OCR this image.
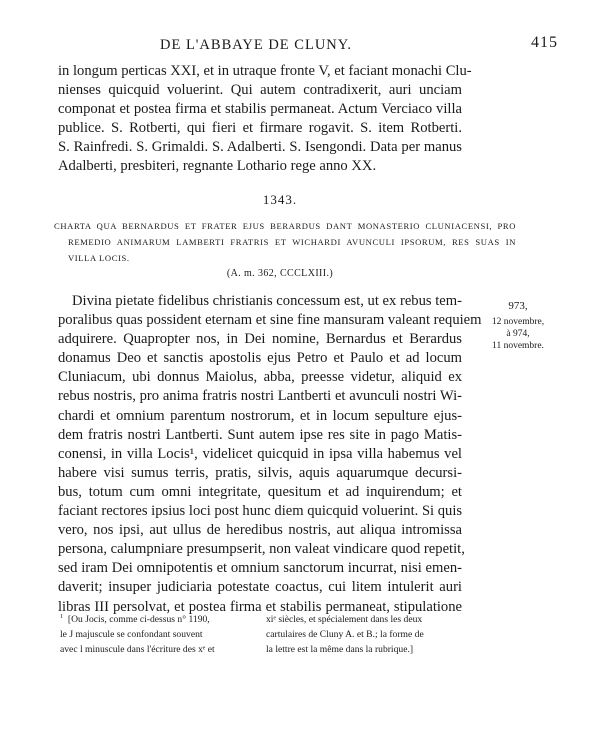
DE L'ABBAYE DE CLUNY.	415
in longum perticas XXI, et in utraque fronte V, et faciant monachi Clu-
nienses quicquid voluerint. Qui autem contradixerit, auri unciam
componat et postea firma et stabilis permaneat. Actum Verciaco villa
publice. S. Rotberti, qui fieri et firmare rogavit. S. item Rotberti.
S. Rainfredi. S. Grimaldi. S. Adalberti. S. Isengondi. Data per manus
Adalberti, presbiteri, regnante Lothario rege anno XX.
1343.
CHARTA QUA BERNARDUS ET FRATER EJUS BERARDUS DANT MONASTERIO CLUNIACENSI, PRO
REMEDIO ANIMARUM LAMBERTI FRATRIS ET WICHARDI AVUNCULI IPSORUM, RES SUAS IN
VILLA LOCIS.
(A. m. 362, CCCLXIII.)
973,
12 novembre,
à 974,
11 novembre.
Divina pietate fidelibus christianis concessum est, ut ex rebus tem-
poralibus quas possident eternam et sine fine mansuram valeant requiem
adquirere. Quapropter nos, in Dei nomine, Bernardus et Berardus
donamus Deo et sanctis apostolis ejus Petro et Paulo et ad locum
Cluniacum, ubi donnus Maiolus, abba, preesse videtur, aliquid ex
rebus nostris, pro anima fratris nostri Lantberti et avunculi nostri Wi-
chardi et omnium parentum nostrorum, et in locum sepulture ejus-
dem fratris nostri Lantberti. Sunt autem ipse res site in pago Matis-
conensi, in villa Locis¹, videlicet quicquid in ipsa villa habemus vel
habere visi sumus terris, pratis, silvis, aquis aquarumque decursi-
bus, totum cum omni integritate, quesitum et ad inquirendum; et
faciant rectores ipsius loci post hunc diem quicquid voluerint. Si quis
vero, nos ipsi, aut ullus de heredibus nostris, aut aliqua intromissa
persona, calumpniare presumpserit, non valeat vindicare quod repetit,
sed iram Dei omnipotentis et omnium sanctorum incurrat, nisi emen-
daverit; insuper judiciaria potestate coactus, cui litem intulerit auri
libras III persolvat, et postea firma et stabilis permaneat, stipulatione
$^1$ [Ou Jocis, comme ci-dessus n° 1190,
le J majuscule se confondant souvent
avec l minuscule dans l'écriture des xᵉ et
xiᵉ siècles, et spécialement dans les deux
cartulaires de Cluny A. et B.; la forme de
la lettre est la même dans la rubrique.]
